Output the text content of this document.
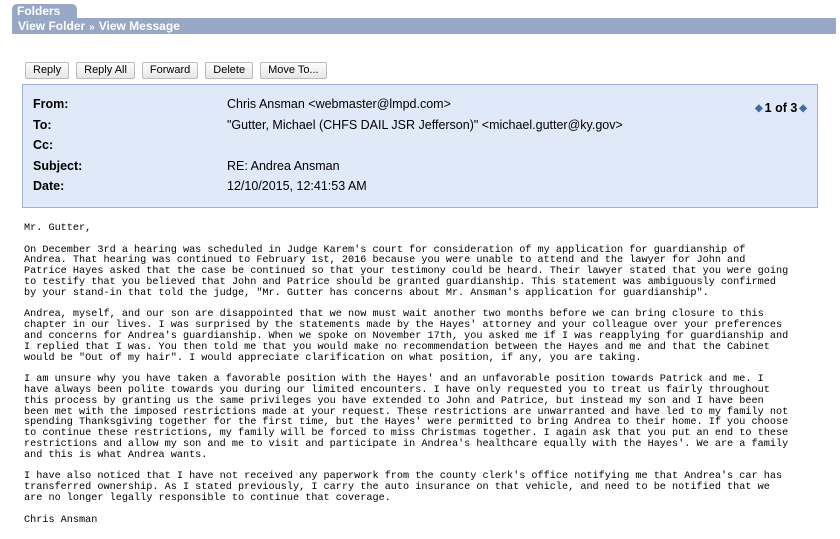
Folders
View Folder » View Message
Reply	Reply All	Forward	Delete	Move To...
From:	Chris Ansman <webmaster@lmpd.com>
To:	"Gutter, Michael (CHFS DAIL JSR Jefferson)" <michael.gutter@ky.gov>
Cc:
Subject:	RE: Andrea Ansman
Date:	12/10/2015, 12:41:53 AM
◆ 1 of 3 ◆

Mr. Gutter,

On December 3rd a hearing was scheduled in Judge Karem's court for consideration of my application for guardianship of
Andrea. That hearing was continued to February 1st, 2016 because you were unable to attend and the lawyer for John and
Patrice Hayes asked that the case be continued so that your testimony could be heard. Their lawyer stated that you were going
to testify that you believed that John and Patrice should be granted guardianship. This statement was ambiguously confirmed
by your stand-in that told the judge, "Mr. Gutter has concerns about Mr. Ansman's application for guardianship".

Andrea, myself, and our son are disappointed that we now must wait another two months before we can bring closure to this
chapter in our lives. I was surprised by the statements made by the Hayes' attorney and your colleague over your preferences
and concerns for Andrea's guardianship. When we spoke on November 17th, you asked me if I was reapplying for guardianship and
I replied that I was. You then told me that you would make no recommendation between the Hayes and me and that the Cabinet
would be "Out of my hair". I would appreciate clarification on what position, if any, you are taking.

I am unsure why you have taken a favorable position with the Hayes' and an unfavorable position towards Patrick and me. I
have always been polite towards you during our limited encounters. I have only requested you to treat us fairly throughout
this process by granting us the same privileges you have extended to John and Patrice, but instead my son and I have been
been met with the imposed restrictions made at your request. These restrictions are unwarranted and have led to my family not
spending Thanksgiving together for the first time, but the Hayes' were permitted to bring Andrea to their home. If you choose
to continue these restrictions, my family will be forced to miss Christmas together. I again ask that you put an end to these
restrictions and allow my son and me to visit and participate in Andrea's healthcare equally with the Hayes'. We are a family
and this is what Andrea wants.

I have also noticed that I have not received any paperwork from the county clerk's office notifying me that Andrea's car has
transferred ownership. As I stated previously, I carry the auto insurance on that vehicle, and need to be notified that we
are no longer legally responsible to continue that coverage.

Chris Ansman
